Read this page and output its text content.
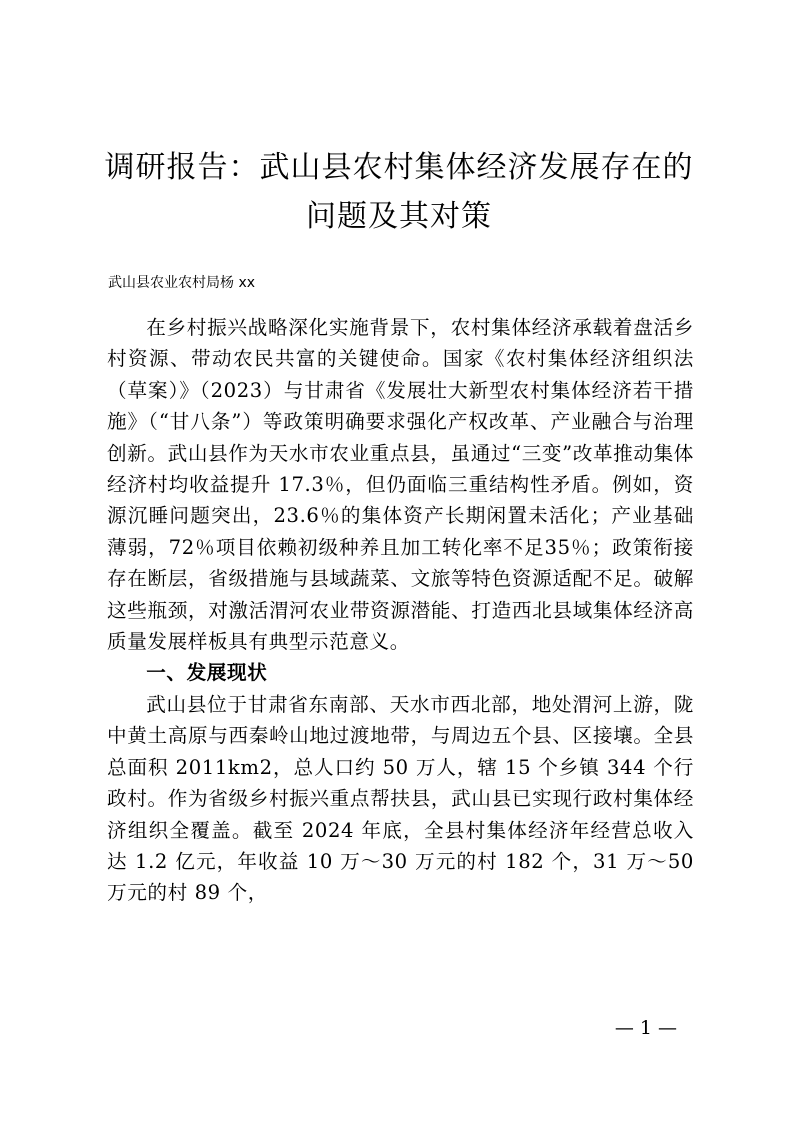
调研报告：武山县农村集体经济发展存在的问题及其对策
武山县农业农村局杨 xx

在乡村振兴战略深化实施背景下，农村集体经济承载着盘活乡村资源、带动农民共富的关键使命。国家《农村集体经济组织法（草案）》（2023）与甘肃省《发展壮大新型农村集体经济若干措施》（“甘八条”）等政策明确要求强化产权改革、产业融合与治理创新。武山县作为天水市农业重点县，虽通过“三变”改革推动集体经济村均收益提升 17.3％，但仍面临三重结构性矛盾。例如，资源沉睡问题突出，23.6％的集体资产长期闲置未活化；产业基础薄弱，72％项目依赖初级种养且加工转化率不足35％；政策衔接存在断层，省级措施与县域蔬菜、文旅等特色资源适配不足。破解这些瓶颈，对激活渭河农业带资源潜能、打造西北县域集体经济高质量发展样板具有典型示范意义。

一、发展现状

武山县位于甘肃省东南部、天水市西北部，地处渭河上游，陇中黄土高原与西秦岭山地过渡地带，与周边五个县、区接壤。全县总面积 2011km2，总人口约 50 万人，辖 15 个乡镇 344 个行政村。作为省级乡村振兴重点帮扶县，武山县已实现行政村集体经济组织全覆盖。截至 2024 年底，全县村集体经济年经营总收入达 1.2 亿元，年收益 10 万～30 万元的村 182 个，31 万～50 万元的村 89 个，

— 1 —
